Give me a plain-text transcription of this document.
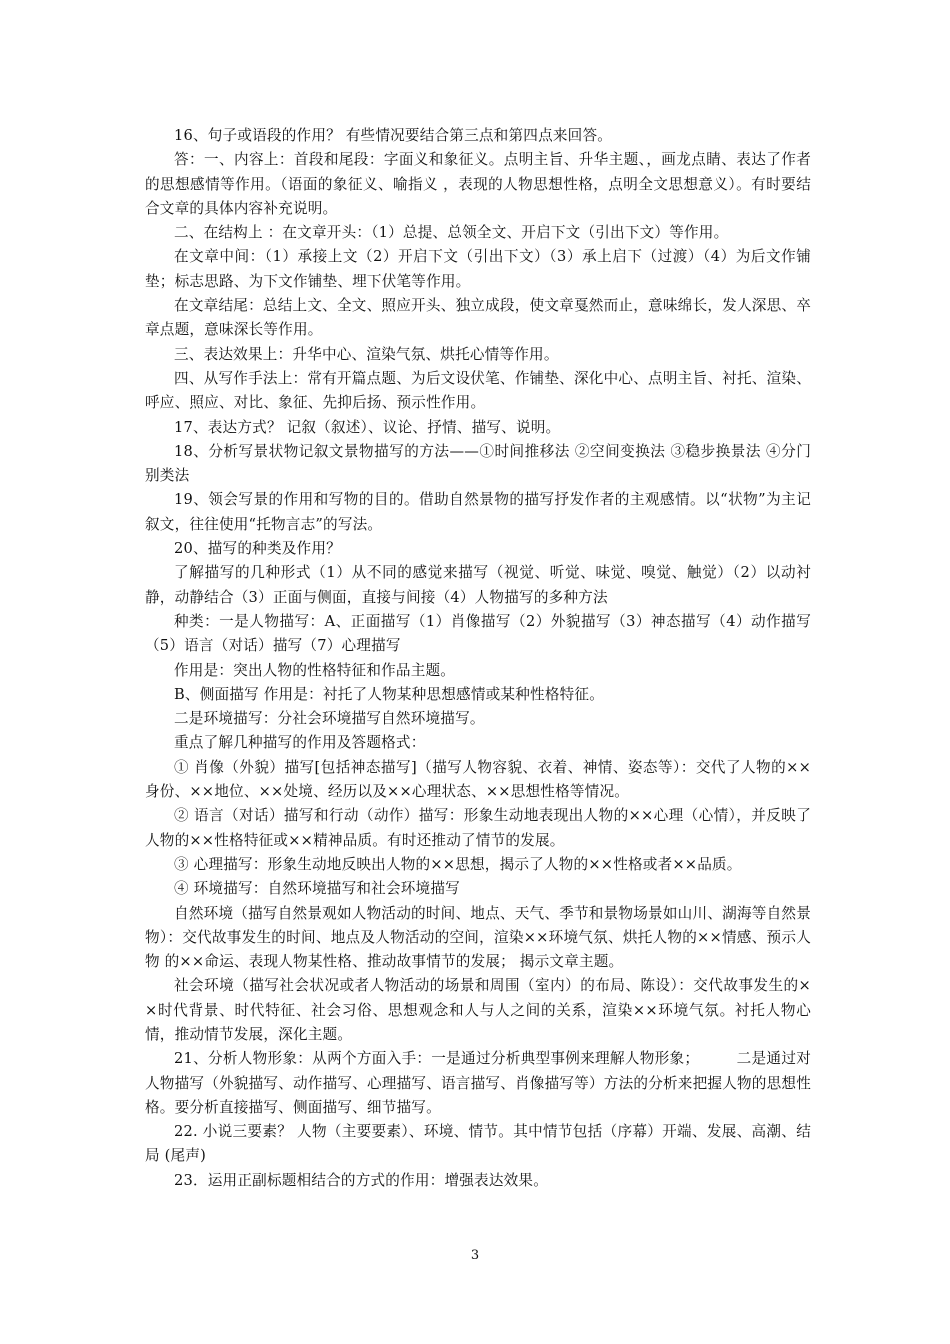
16、句子或语段的作用？ 有些情况要结合第三点和第四点来回答。

答：一、内容上：首段和尾段：字面义和象征义。点明主旨、升华主题、，画龙点睛、表达了作者的思想感情等作用。（语面的象征义、喻指义 ，表现的人物思想性格，点明全文思想意义）。有时要结合文章的具体内容补充说明。

二、在结构上 ：在文章开头：（1）总提、总领全文、开启下文（引出下文）等作用。

在文章中间：（1）承接上文（2）开启下文（引出下文）（3）承上启下（过渡）（4）为后文作铺垫；标志思路、为下文作铺垫、埋下伏笔等作用。

在文章结尾：总结上文、全文、照应开头、独立成段，使文章戛然而止，意味绵长，发人深思、卒章点题，意味深长等作用。

三、表达效果上：升华中心、渲染气氛、烘托心情等作用。

四、从写作手法上：常有开篇点题、为后文设伏笔、作铺垫、深化中心、点明主旨、衬托、渲染、呼应、照应、对比、象征、先抑后扬、预示性作用。

17、表达方式？ 记叙（叙述）、议论、抒情、描写、说明。

18、分析写景状物记叙文景物描写的方法——①时间推移法 ②空间变换法 ③稳步换景法 ④分门别类法

19、领会写景的作用和写物的目的。借助自然景物的描写抒发作者的主观感情。以“状物”为主记叙文，往往使用“托物言志”的写法。

20、描写的种类及作用？

了解描写的几种形式（1）从不同的感觉来描写（视觉、听觉、味觉、嗅觉、触觉）（2）以动衬静，动静结合（3）正面与侧面，直接与间接（4）人物描写的多种方法

种类：一是人物描写：A、正面描写（1）肖像描写（2）外貌描写（3）神态描写（4）动作描写（5）语言（对话）描写（7）心理描写

作用是：突出人物的性格特征和作品主题。

B、侧面描写 作用是：衬托了人物某种思想感情或某种性格特征。

二是环境描写：分社会环境描写自然环境描写。

重点了解几种描写的作用及答题格式：

① 肖像（外貌）描写[包括神态描写]（描写人物容貌、衣着、神情、姿态等）：交代了人物的××身份、××地位、××处境、经历以及××心理状态、××思想性格等情况。

② 语言（对话）描写和行动（动作）描写：形象生动地表现出人物的××心理（心情），并反映了人物的××性格特征或××精神品质。有时还推动了情节的发展。

③ 心理描写：形象生动地反映出人物的××思想，揭示了人物的××性格或者××品质。

④ 环境描写：自然环境描写和社会环境描写

自然环境（描写自然景观如人物活动的时间、地点、天气、季节和景物场景如山川、湖海等自然景物）：交代故事发生的时间、地点及人物活动的空间，渲染××环境气氛、烘托人物的××情感、预示人物 的××命运、表现人物某性格、推动故事情节的发展； 揭示文章主题。

社会环境（描写社会状况或者人物活动的场景和周围（室内）的布局、陈设）：交代故事发生的××时代背景、时代特征、社会习俗、思想观念和人与人之间的关系，渲染××环境气氛。衬托人物心情，推动情节发展，深化主题。

21、分析人物形象：从两个方面入手：一是通过分析典型事例来理解人物形象；　　　二是通过对人物描写（外貌描写、动作描写、心理描写、语言描写、肖像描写等）方法的分析来把握人物的思想性格。要分析直接描写、侧面描写、细节描写。

22. 小说三要素？ 人物（主要要素）、环境、情节。其中情节包括（序幕）开端、发展、高潮、结局 (尾声)

23．运用正副标题相结合的方式的作用：增强表达效果。

3
